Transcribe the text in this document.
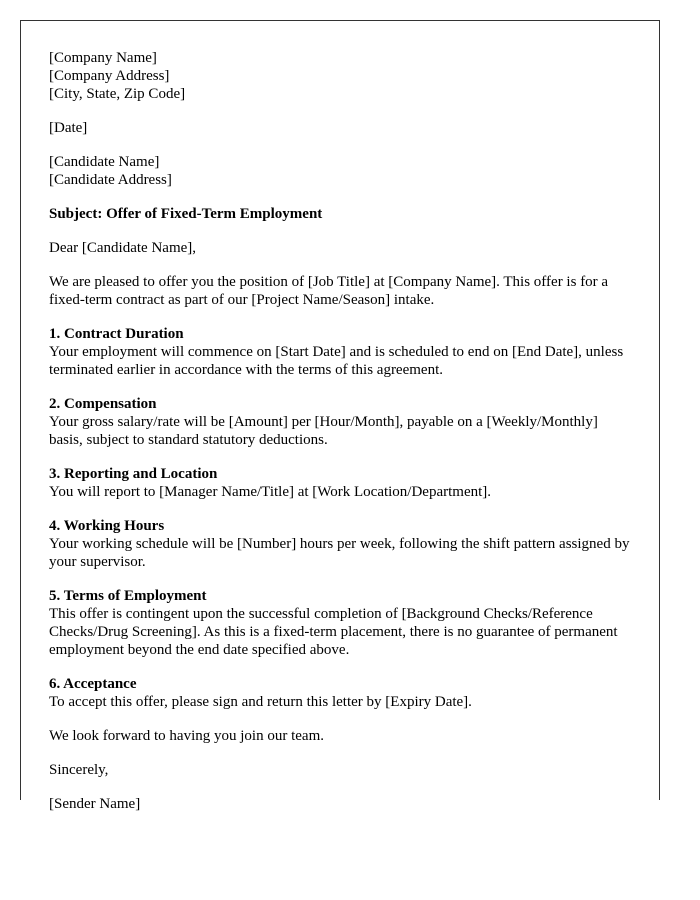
[Company Name]
[Company Address]
[City, State, Zip Code]

[Date]

[Candidate Name]
[Candidate Address]

Subject: Offer of Fixed-Term Employment

Dear [Candidate Name],

We are pleased to offer you the position of [Job Title] at [Company Name]. This offer is for a fixed-term contract as part of our [Project Name/Season] intake.

1. Contract Duration
Your employment will commence on [Start Date] and is scheduled to end on [End Date], unless terminated earlier in accordance with the terms of this agreement.
2. Compensation
Your gross salary/rate will be [Amount] per [Hour/Month], payable on a [Weekly/Monthly] basis, subject to standard statutory deductions.
3. Reporting and Location
You will report to [Manager Name/Title] at [Work Location/Department].
4. Working Hours
Your working schedule will be [Number] hours per week, following the shift pattern assigned by your supervisor.
5. Terms of Employment
This offer is contingent upon the successful completion of [Background Checks/Reference Checks/Drug Screening]. As this is a fixed-term placement, there is no guarantee of permanent employment beyond the end date specified above.
6. Acceptance
To accept this offer, please sign and return this letter by [Expiry Date].

We look forward to having you join our team.

Sincerely,

[Sender Name]
